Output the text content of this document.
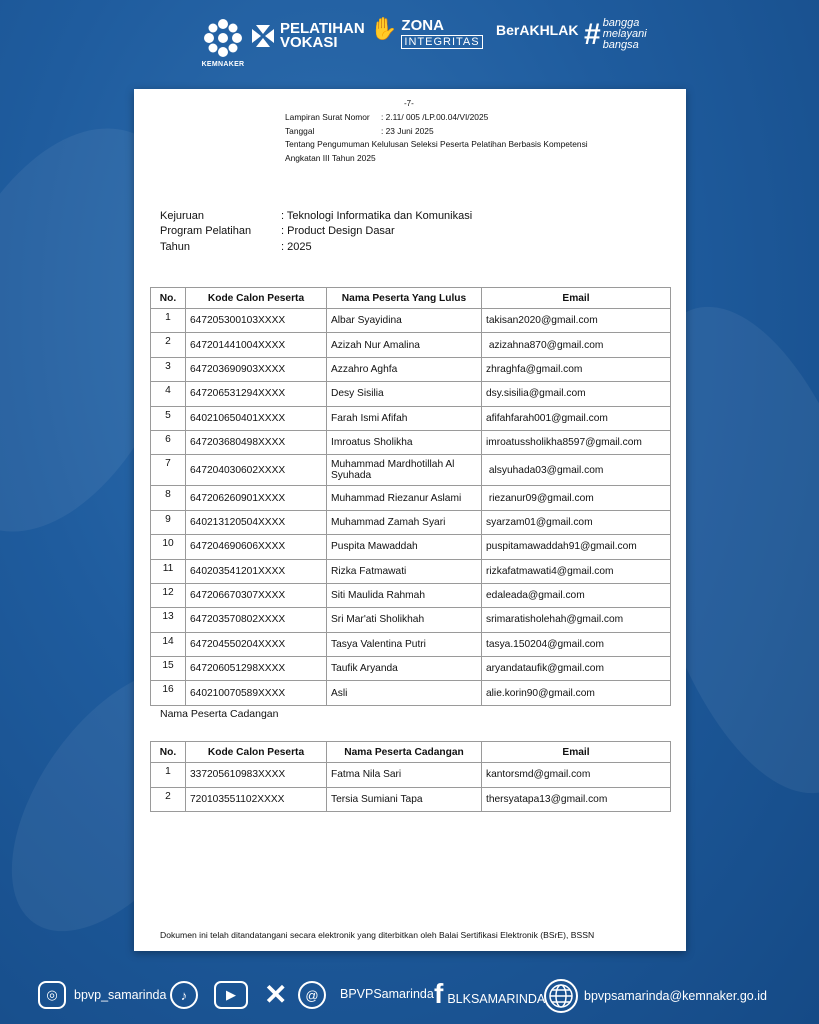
KEMNAKER
PELATIHAN
VOKASI
✋ ZONA
INTEGRITAS
BerAKHLAK # bangga
melayani
bangsa
-7-
Lampiran Surat Nomor	: 2.11/ 005 /LP.00.04/VI/2025
Tanggal	: 23 Juni 2025
Tentang Pengumuman Kelulusan Seleksi Peserta Pelatihan Berbasis Kompetensi
Angkatan III Tahun 2025
Kejuruan	: Teknologi Informatika dan Komunikasi
Program Pelatihan	: Product Design Dasar
Tahun	: 2025
No.	Kode Calon Peserta	Nama Peserta Yang Lulus	Email
1	647205300103XXXX	Albar Syayidina	takisan2020@gmail.com
2	647201441004XXXX	Azizah Nur Amalina	azizahna870@gmail.com
3	647203690903XXXX	Azzahro Aghfa	zhraghfa@gmail.com
4	647206531294XXXX	Desy Sisilia	dsy.sisilia@gmail.com
5	640210650401XXXX	Farah Ismi Afifah	afifahfarah001@gmail.com
6	647203680498XXXX	Imroatus Sholikha	imroatussholikha8597@gmail.com
7	647204030602XXXX	Muhammad Mardhotillah Al Syuhada	alsyuhada03@gmail.com
8	647206260901XXXX	Muhammad Riezanur Aslami	riezanur09@gmail.com
9	640213120504XXXX	Muhammad Zamah Syari	syarzam01@gmail.com
10	647204690606XXXX	Puspita Mawaddah	puspitamawaddah91@gmail.com
11	640203541201XXXX	Rizka Fatmawati	rizkafatmawati4@gmail.com
12	647206670307XXXX	Siti Maulida Rahmah	edaleada@gmail.com
13	647203570802XXXX	Sri Mar'ati Sholikhah	srimaratisholehah@gmail.com
14	647204550204XXXX	Tasya Valentina Putri	tasya.150204@gmail.com
15	647206051298XXXX	Taufik Aryanda	aryandataufik@gmail.com
16	640210070589XXXX	Asli	alie.korin90@gmail.com
Nama Peserta Cadangan
No.	Kode Calon Peserta	Nama Peserta Cadangan	Email
1	337205610983XXXX	Fatma Nila Sari	kantorsmd@gmail.com
2	720103551102XXXX	Tersia Sumiani Tapa	thersyatapa13@gmail.com
Dokumen ini telah ditandatangani secara elektronik yang diterbitkan oleh Balai Sertifikasi Elektronik (BSrE), BSSN
◎	bpvp_samarinda	♪	▶	✕	@	BPVPSamarinda f BLKSAMARINDA	bpvpsamarinda@kemnaker.go.id
